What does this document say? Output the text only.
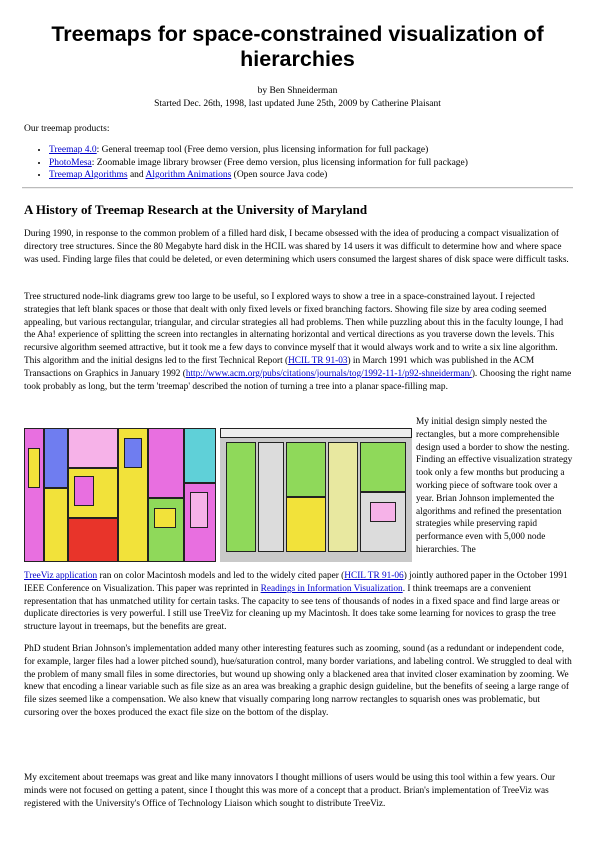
Treemaps for space-constrained visualization of hierarchies
by Ben Shneiderman
Started Dec. 26th, 1998, last updated June 25th, 2009 by Catherine Plaisant
Our treemap products:
• Treemap 4.0: General treemap tool (Free demo version, plus licensing information for full package)
• PhotoMesa: Zoomable image library browser (Free demo version, plus licensing information for full package)
• Treemap Algorithms and Algorithm Animations (Open source Java code)
A History of Treemap Research at the University of Maryland

During 1990, in response to the common problem of a filled hard disk, I became obsessed with the idea of producing a compact visualization of directory tree structures. Since the 80 Megabyte hard disk in the HCIL was shared by 14 users it was difficult to determine how and where space was used. Finding large files that could be deleted, or even determining which users consumed the largest shares of disk space were difficult tasks.

Tree structured node-link diagrams grew too large to be useful, so I explored ways to show a tree in a space-constrained layout. I rejected strategies that left blank spaces or those that dealt with only fixed levels or fixed branching factors. Showing file size by area coding seemed appealing, but various rectangular, triangular, and circular strategies all had problems. Then while puzzling about this in the faculty lounge, I had the Aha! experience of splitting the screen into rectangles in alternating horizontal and vertical directions as you traverse down the levels. This recursive algorithm seemed attractive, but it took me a few days to convince myself that it would always work and to write a six line algorithm. This algorithm and the initial designs led to the first Technical Report (HCIL TR 91-03) in March 1991 which was published in the ACM Transactions on Graphics in January 1992 (http://www.acm.org/pubs/citations/journals/tog/1992-11-1/p92-shneiderman/). Choosing the right name took probably as long, but the term 'treemap' described the notion of turning a tree into a planar space-filling map.

My initial design simply nested the rectangles, but a more comprehensible design used a border to show the nesting. Finding an effective visualization strategy took only a few months but producing a working piece of software took over a year. Brian Johnson implemented the algorithms and refined the presentation strategies while preserving rapid performance even with 5,000 node hierarchies. The

TreeViz application ran on color Macintosh models and led to the widely cited paper (HCIL TR 91-06) jointly authored paper in the October 1991 IEEE Conference on Visualization. This paper was reprinted in Readings in Information Visualization. I think treemaps are a convenient representation that has unmatched utility for certain tasks. The capacity to see tens of thousands of nodes in a fixed space and find large areas or duplicate directories is very powerful. I still use TreeViz for cleaning up my Macintosh. It does take some learning for novices to grasp the tree structure layout in treemaps, but the benefits are great.

PhD student Brian Johnson's implementation added many other interesting features such as zooming, sound (as a redundant or independent code, for example, larger files had a lower pitched sound), hue/saturation control, many border variations, and labeling control. We struggled to deal with the problem of many small files in some directories, but wound up showing only a blackened area that invited closer examination by zooming. We knew that encoding a linear variable such as file size as an area was breaking a graphic design guideline, but the benefits of seeing a large range of file sizes seemed like a compensation. We also knew that visually comparing long narrow rectangles to squarish ones was problematic, but cursoring over the boxes produced the exact file size on the bottom of the display.

My excitement about treemaps was great and like many innovators I thought millions of users would be using this tool within a few years. Our minds were not focused on getting a patent, since I thought this was more of a concept that a product. Brian's implementation of TreeViz was registered with the University's Office of Technology Liaison which sought to distribute TreeViz.
